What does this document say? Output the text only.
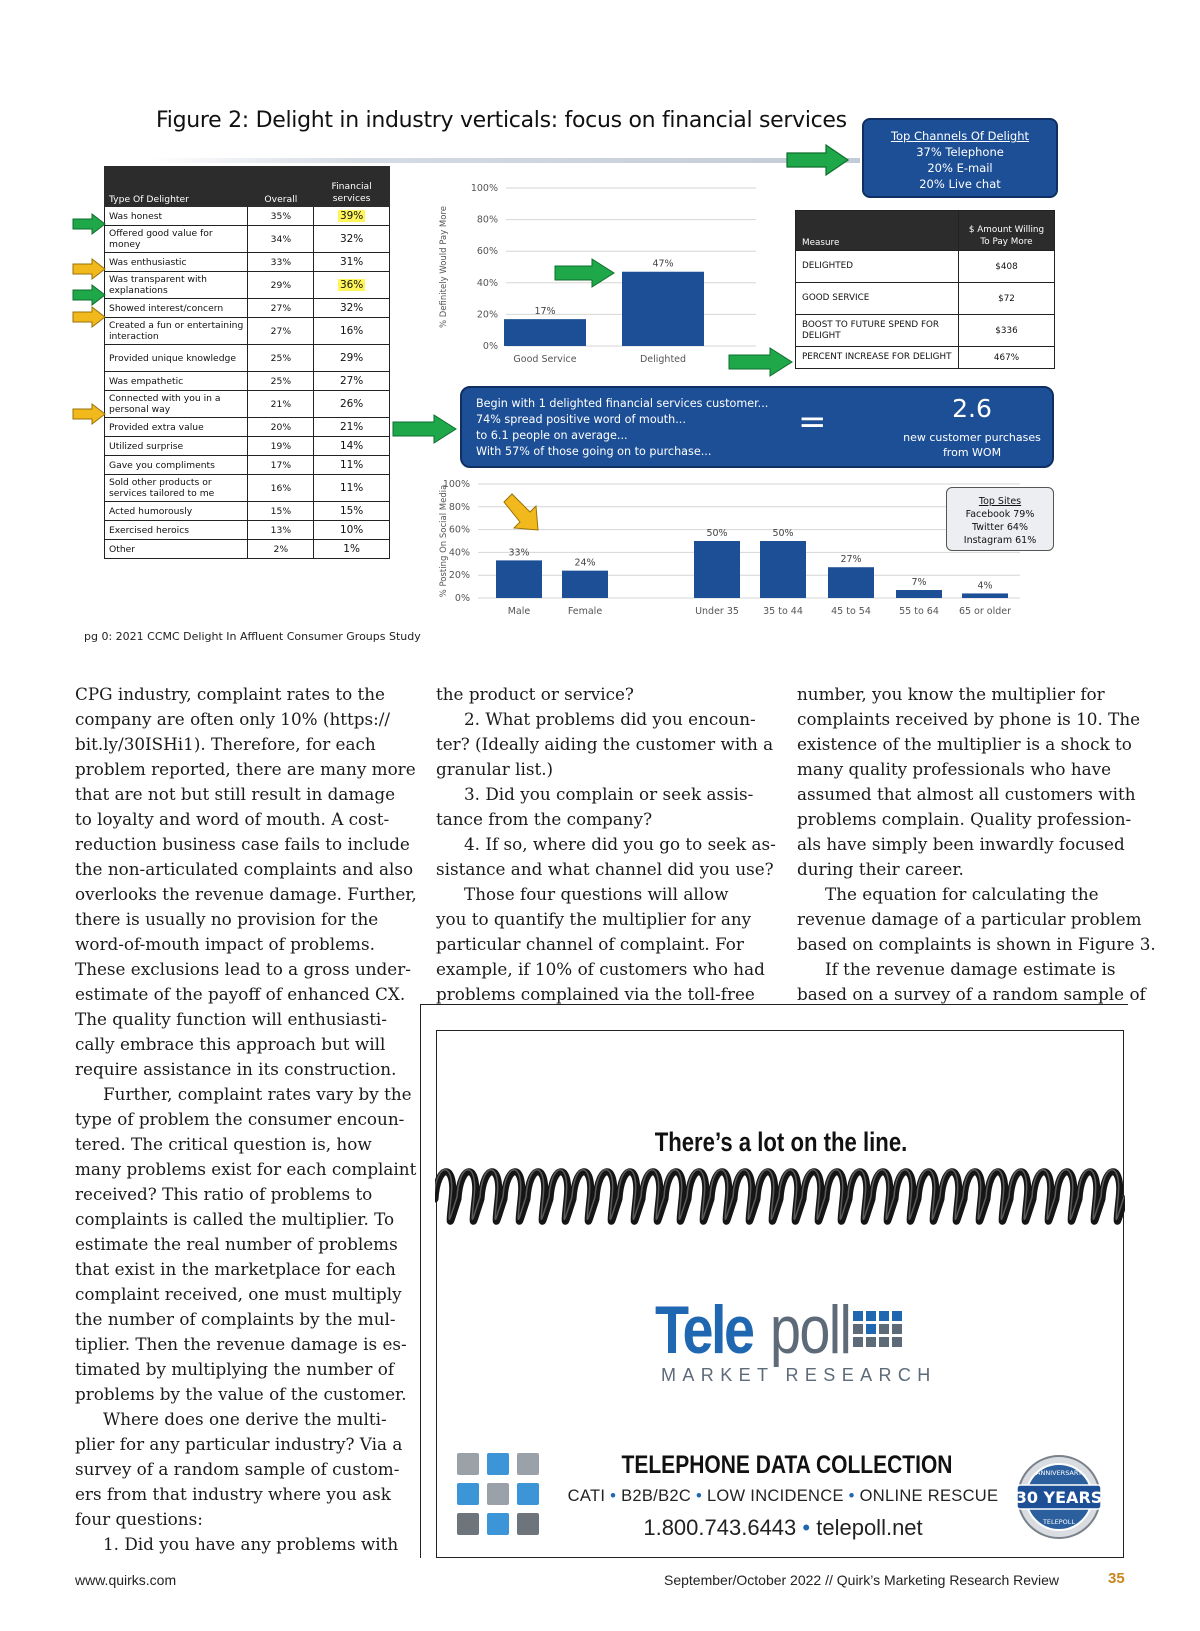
Figure 2: Delight in industry verticals: focus on financial services
Top Channels Of Delight
37% Telephone
20% E-mail
20% Live chat
Type Of Delighter	Overall	Financial services
Was honest	35%	39%
Offered good value for money	34%	32%
Was enthusiastic	33%	31%
Was transparent with explanations	29%	36%
Showed interest/concern	27%	32%
Created a fun or entertaining interaction	27%	16%
Provided unique knowledge	25%	29%
Was empathetic	25%	27%
Connected with you in a personal way	21%	26%
Provided extra value	20%	21%
Utilized surprise	19%	14%
Gave you compliments	17%	11%
Sold other products or services tailored to me	16%	11%
Acted humorously	15%	15%
Exercised heroics	13%	10%
Other	2%	1%
0%
20%
40%
60%
80%
100%
% Definitely Would Pay More	17%
Good Service
47%
Delighted
Measure	$ Amount Willing To Pay More
DELIGHTED	$408
GOOD SERVICE	$72
BOOST TO FUTURE SPEND FOR DELIGHT	$336
PERCENT INCREASE FOR DELIGHT	467%
Begin with 1 delighted financial services customer...
74% spread positive word of mouth...
to 6.1 people on average...
With 57% of those going on to purchase...
=	2.6
new customer purchases
from WOM
0%
20%
40%
60%
80%
100%
% Posting On Social Media	33%
Male
24%
Female
50%
Under 35
50%
35 to 44
27%
45 to 54
7%
55 to 64
4%
65 or older
Top Sites
Facebook 79%
Twitter 64%
Instagram 61%
pg 0: 2021 CCMC Delight In Affluent Consumer Groups Study

CPG industry, complaint rates to the

company are often only 10% (https://

bit.ly/30ISHi1). Therefore, for each

problem reported, there are many more

that are not but still result in damage

to loyalty and word of mouth. A cost-

reduction business case fails to include

the non-articulated complaints and also

overlooks the revenue damage. Further,

there is usually no provision for the

word-of-mouth impact of problems.

These exclusions lead to a gross under-

estimate of the payoff of enhanced CX.

The quality function will enthusiasti-

cally embrace this approach but will

require assistance in its construction.

Further, complaint rates vary by the

type of problem the consumer encoun-

tered. The critical question is, how

many problems exist for each complaint

received? This ratio of problems to

complaints is called the multiplier. To

estimate the real number of problems

that exist in the marketplace for each

complaint received, one must multiply

the number of complaints by the mul-

tiplier. Then the revenue damage is es-

timated by multiplying the number of

problems by the value of the customer.

Where does one derive the multi-

plier for any particular industry? Via a

survey of a random sample of custom-

ers from that industry where you ask

four questions:

1. Did you have any problems with

the product or service?

2. What problems did you encoun-

ter? (Ideally aiding the customer with a

granular list.)

3. Did you complain or seek assis-

tance from the company?

4. If so, where did you go to seek as-

sistance and what channel did you use?

Those four questions will allow

you to quantify the multiplier for any

particular channel of complaint. For

example, if 10% of customers who had

problems complained via the toll-free

number, you know the multiplier for

complaints received by phone is 10. The

existence of the multiplier is a shock to

many quality professionals who have

assumed that almost all customers with

problems complain. Quality profession-

als have simply been inwardly focused

during their career.

The equation for calculating the

revenue damage of a particular problem

based on complaints is shown in Figure 3.

If the revenue damage estimate is

based on a survey of a random sample of

There’s a lot on the line.
Tele poll
MARKET RESEARCH
TELEPHONE DATA COLLECTION
CATI • B2B/B2C • LOW INCIDENCE • ONLINE RESCUE
1.800.743.6443 • telepoll.net
30 YEARS
ANNIVERSARY
TELEPOLL
www.quirks.com	September/October 2022 // Quirk’s Marketing Research Review	35
